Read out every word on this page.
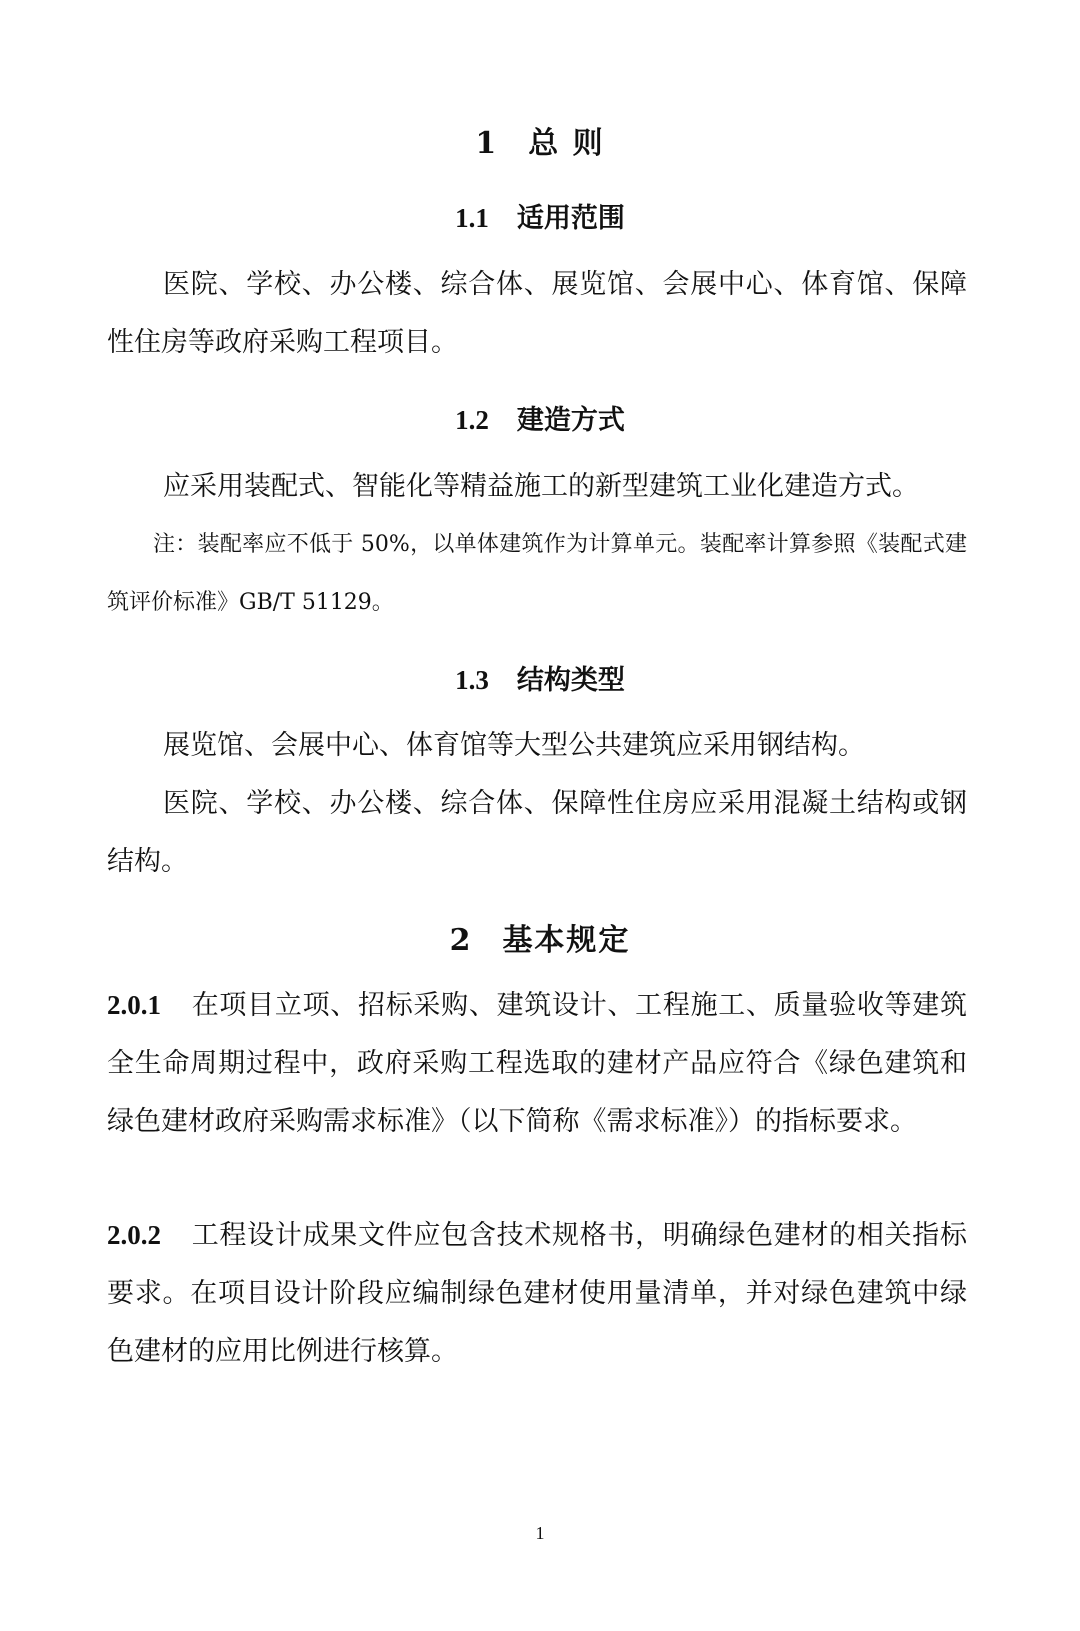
1 总 则
1.1 适用范围
医院、学校、办公楼、综合体、展览馆、会展中心、体育馆、保障性住房等政府采购工程项目。
1.2 建造方式
应采用装配式、智能化等精益施工的新型建筑工业化建造方式。
注：装配率应不低于 50%，以单体建筑作为计算单元。装配率计算参照《装配式建筑评价标准》GB/T 51129。
1.3 结构类型
展览馆、会展中心、体育馆等大型公共建筑应采用钢结构。
医院、学校、办公楼、综合体、保障性住房应采用混凝土结构或钢结构。
2 基本规定
2.0.1 在项目立项、招标采购、建筑设计、工程施工、质量验收等建筑全生命周期过程中，政府采购工程选取的建材产品应符合《绿色建筑和绿色建材政府采购需求标准》（以下简称《需求标准》）的指标要求。
2.0.2 工程设计成果文件应包含技术规格书，明确绿色建材的相关指标要求。在项目设计阶段应编制绿色建材使用量清单，并对绿色建筑中绿色建材的应用比例进行核算。
1
